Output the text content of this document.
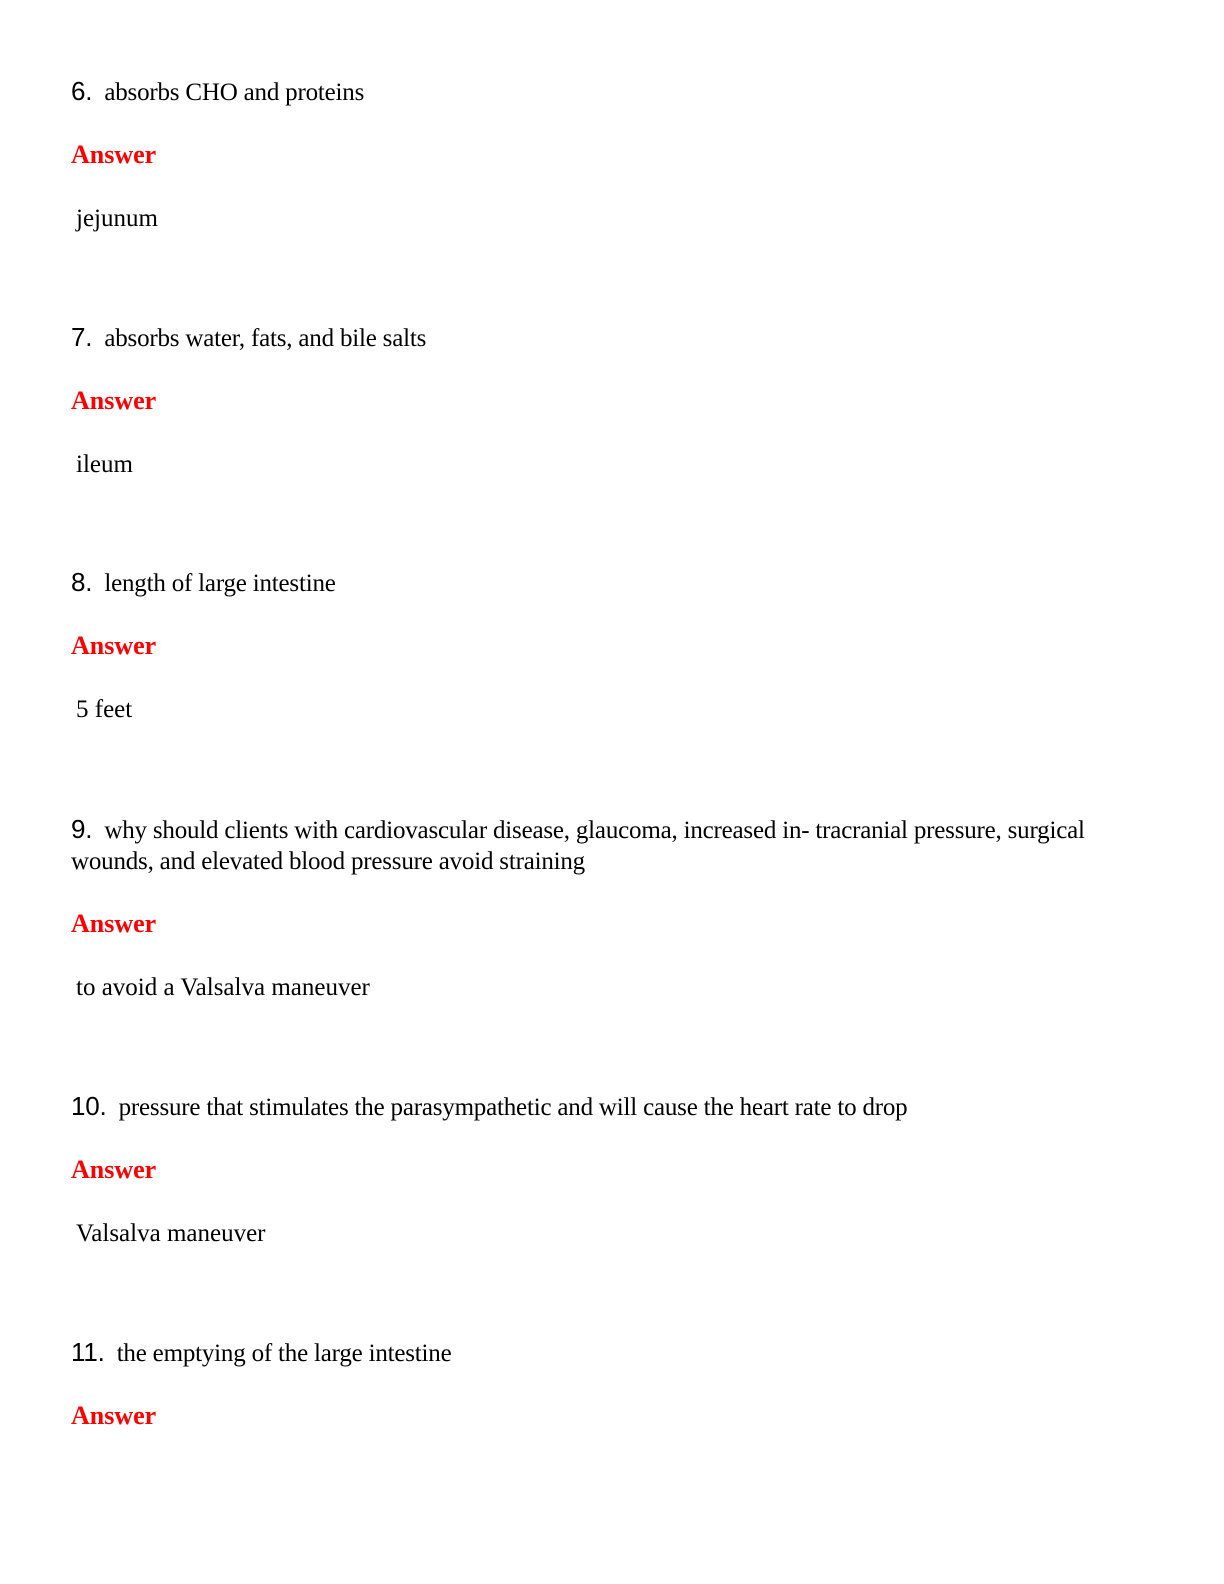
6. absorbs CHO and proteins

Answer
jejunum

7. absorbs water, fats, and bile salts

Answer
ileum

8. length of large intestine

Answer
5 feet

9. why should clients with cardiovascular disease, glaucoma, increased in- tracranial pressure, surgical wounds, and elevated blood pressure avoid straining

Answer
to avoid a Valsalva maneuver

10. pressure that stimulates the parasympathetic and will cause the heart rate to drop

Answer
Valsalva maneuver

11. the emptying of the large intestine

Answer
